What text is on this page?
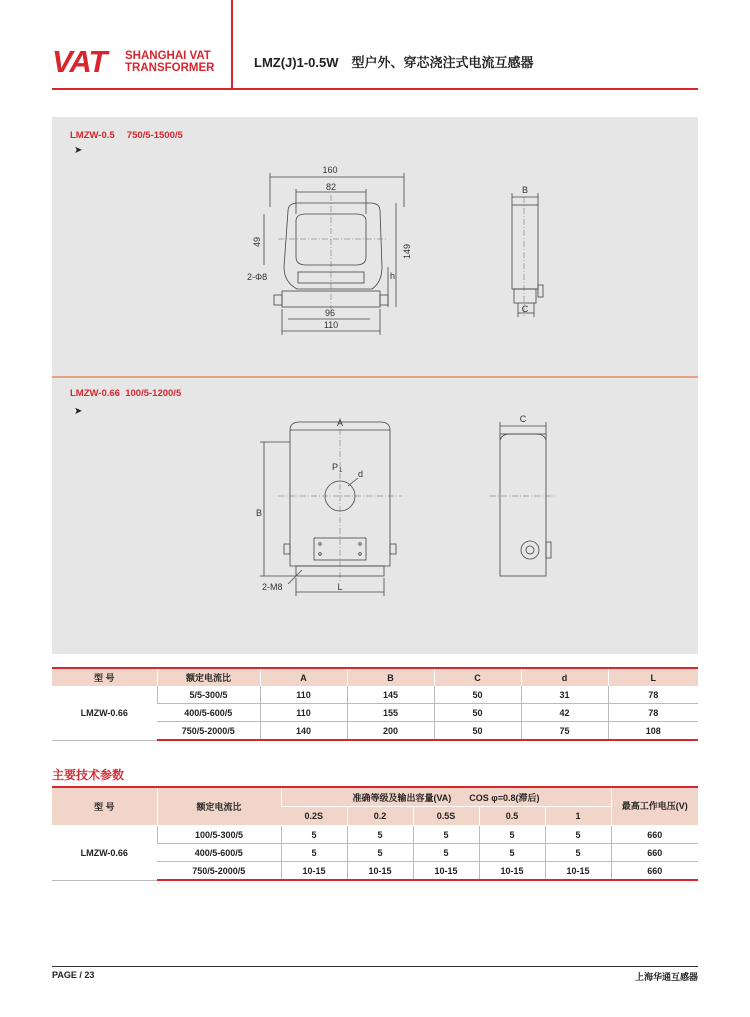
VAT SHANGHAI VAT
TRANSFORMER	LMZ(J)1-0.5W　型户外、穿芯浇注式电流互感器
LMZW-0.5　 750/5-1500/5
➤
160
82
49
149
h
2-Φ8
96
110
B
C
LMZW-0.66  100/5-1200/5
➤
A
B
C
P 1 d
2-M8	L
型 号	额定电流比	A	B	C	d	L
LMZW-0.66	5/5-300/5	110	145	50	31	78
	400/5-600/5	110	155	50	42	78
	750/5-2000/5	140	200	50	75	108
主要技术参数
型 号	额定电流比	准确等级及输出容量(VA)　　COS φ=0.8(滞后)					最高工作电压(V)
		0.2S	0.2	0.5S	0.5	1	
LMZW-0.66	100/5-300/5	5	5	5	5	5	660
	400/5-600/5	5	5	5	5	5	660
	750/5-2000/5	10-15	10-15	10-15	10-15	10-15	660
PAGE / 23	上海华通互感器
